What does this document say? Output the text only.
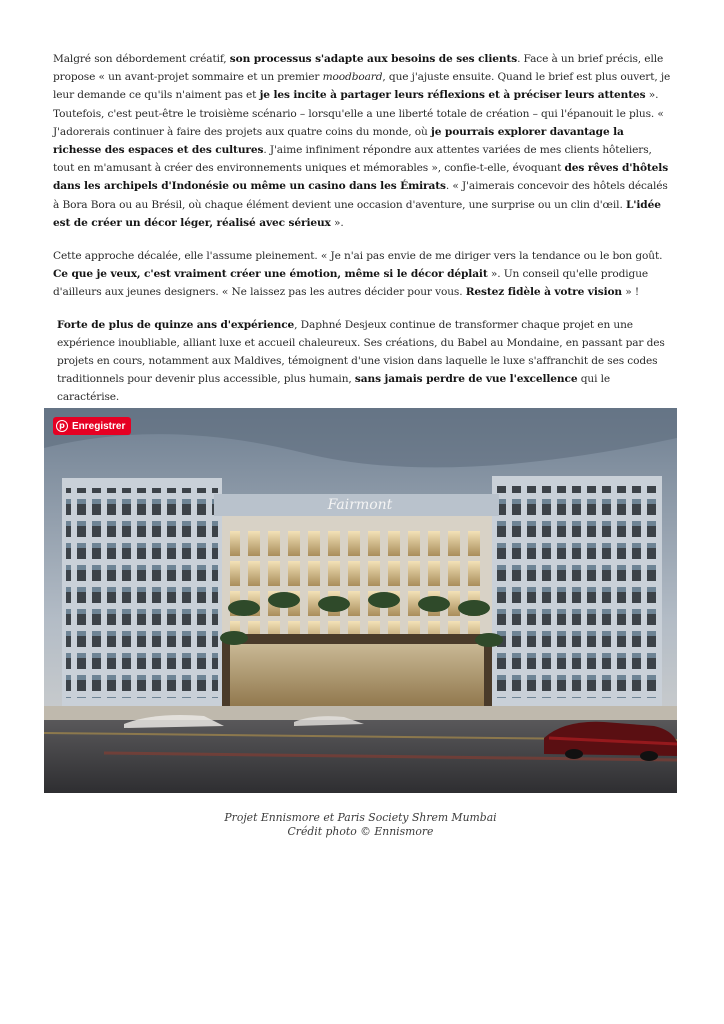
Malgré son débordement créatif, son processus s'adapte aux besoins de ses clients. Face à un brief précis, elle propose « un avant-projet sommaire et un premier moodboard, que j'ajuste ensuite. Quand le brief est plus ouvert, je leur demande ce qu'ils n'aiment pas et je les incite à partager leurs réflexions et à préciser leurs attentes ». Toutefois, c'est peut-être le troisième scénario – lorsqu'elle a une liberté totale de création – qui l'épanouit le plus. « J'adorerais continuer à faire des projets aux quatre coins du monde, où je pourrais explorer davantage la richesse des espaces et des cultures. J'aime infiniment répondre aux attentes variées de mes clients hôteliers, tout en m'amusant à créer des environnements uniques et mémorables », confie-t-elle, évoquant des rêves d'hôtels dans les archipels d'Indonésie ou même un casino dans les Émirats. « J'aimerais concevoir des hôtels décalés à Bora Bora ou au Brésil, où chaque élément devient une occasion d'aventure, une surprise ou un clin d'œil. L'idée est de créer un décor léger, réalisé avec sérieux ».

Cette approche décalée, elle l'assume pleinement. « Je n'ai pas envie de me diriger vers la tendance ou le bon goût. Ce que je veux, c'est vraiment créer une émotion, même si le décor déplait ». Un conseil qu'elle prodigue d'ailleurs aux jeunes designers. « Ne laissez pas les autres décider pour vous. Restez fidèle à votre vision » !

Forte de plus de quinze ans d'expérience, Daphné Desjeux continue de transformer chaque projet en une expérience inoubliable, alliant luxe et accueil chaleureux. Ses créations, du Babel au Mondaine, en passant par des projets en cours, notamment aux Maldives, témoignent d'une vision dans laquelle le luxe s'affranchit de ses codes traditionnels pour devenir plus accessible, plus humain, sans jamais perdre de vue l'excellence qui le caractérise.

Fairmont
p Enregistrer
Projet Ennismore et Paris Society Shrem Mumbai
Crédit photo © Ennismore
